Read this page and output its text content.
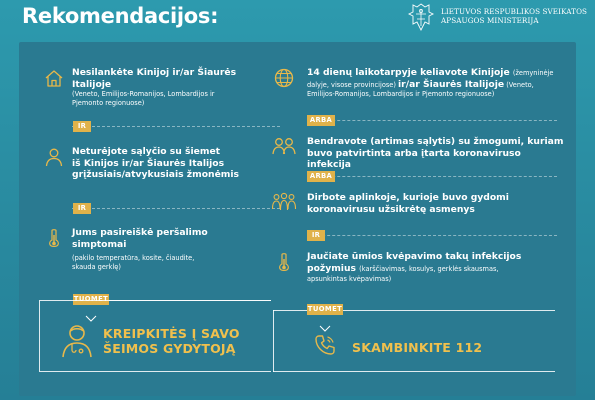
Rekomendacijos:	LIETUVOS RESPUBLIKOS SVEIKATOS
APSAUGOS MINISTERIJA
Nesilankėte Kinijoj ir/ar Šiaurės Italijoje
(Veneto, Emilijos-Romanijos, Lombardijos ir
Pjemonto regionuose)
IR
Neturėjote sąlyčio su šiemet
iš Kinijos ir/ar Šiaurės Italijos
grįžusiais/atvykusiais žmonėmis
IR
Jums pasireiškė peršalimo
simptomai
(pakilo temperatūra, kosite, čiaudite,
skauda gerklę)
TUOMET
KREIPKITĖS Į SAVO
ŠEIMOS GYDYTOJĄ
14 dienų laikotarpyje keliavote Kinijoje (žemyninėje
dalyje, visose provincijose) ir/ar Šiaurės Italijoje (Veneto,
Emilijos-Romanijos, Lombardijos ir Pjemonto regionuose)
ARBA
Bendravote (artimas sąlytis) su žmogumi, kuriam
buvo patvirtinta arba įtarta koronaviruso infekcija
ARBA
Dirbote aplinkoje, kurioje buvo gydomi
koronavirusu užsikrėtę asmenys
IR
Jaučiate ūmios kvėpavimo takų infekcijos
požymius (karščiavimas, kosulys, gerklės skausmas,
apsunkintas kvėpavimas)
TUOMET
SKAMBINKITE 112
